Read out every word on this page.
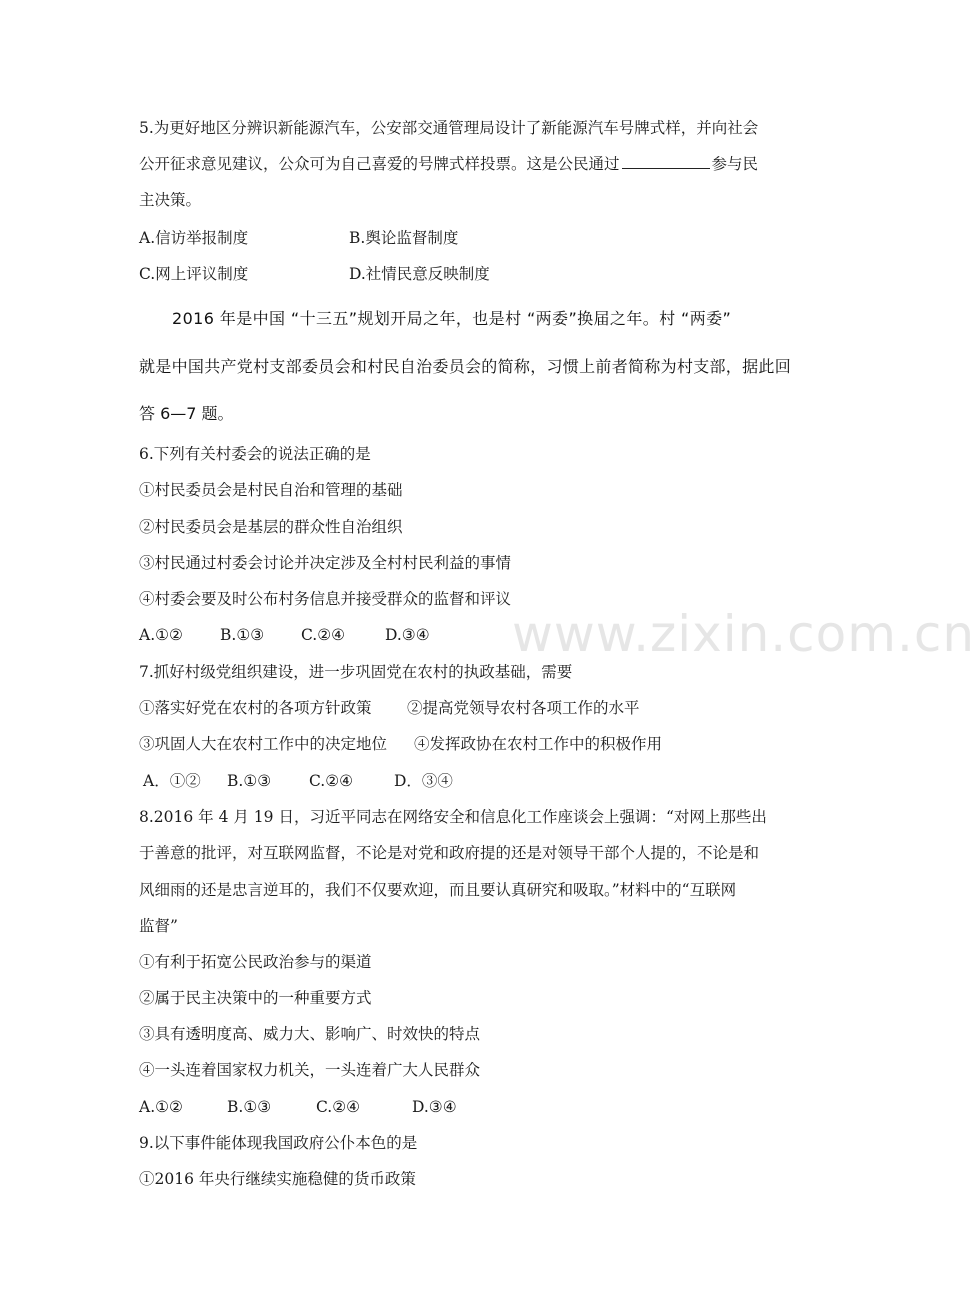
www.zixin.com.cn
5.为更好地区分辨识新能源汽车，公安部交通管理局设计了新能源汽车号牌式样，并向社会
公开征求意见建议，公众可为自己喜爱的号牌式样投票。这是公民通过	参与民
主决策。
A.信访举报制度	B.舆论监督制度
C.网上评议制度	D.社情民意反映制度
2016 年是中国 “十三五”规划开局之年，也是村 “两委”换届之年。村 “两委”
就是中国共产党村支部委员会和村民自治委员会的简称，习惯上前者简称为村支部，据此回
答 6—7 题。
6.下列有关村委会的说法正确的是
①村民委员会是村民自治和管理的基础
②村民委员会是基层的群众性自治组织
③村民通过村委会讨论并决定涉及全村村民利益的事情
④村委会要及时公布村务信息并接受群众的监督和评议
A.①② B.①③ C.②④	D.③④
7.抓好村级党组织建设，进一步巩固党在农村的执政基础，需要
①落实好党在农村的各项方针政策 ②提高党领导农村各项工作的水平
③巩固人大在农村工作中的决定地位 ④发挥政协在农村工作中的积极作用
A．①② B.①③ C.②④	D．③④
8.2016 年 4 月 19 日，习近平同志在网络安全和信息化工作座谈会上强调：“对网上那些出
于善意的批评，对互联网监督，不论是对党和政府提的还是对领导干部个人提的，不论是和
风细雨的还是忠言逆耳的，我们不仅要欢迎，而且要认真研究和吸取。”材料中的“互联网
监督”
①有利于拓宽公民政治参与的渠道
②属于民主决策中的一种重要方式
③具有透明度高、威力大、影响广、时效快的特点
④一头连着国家权力机关，一头连着广大人民群众
A.①②	B.①③	C.②④	D.③④
9.以下事件能体现我国政府公仆本色的是
①2016 年央行继续实施稳健的货币政策
